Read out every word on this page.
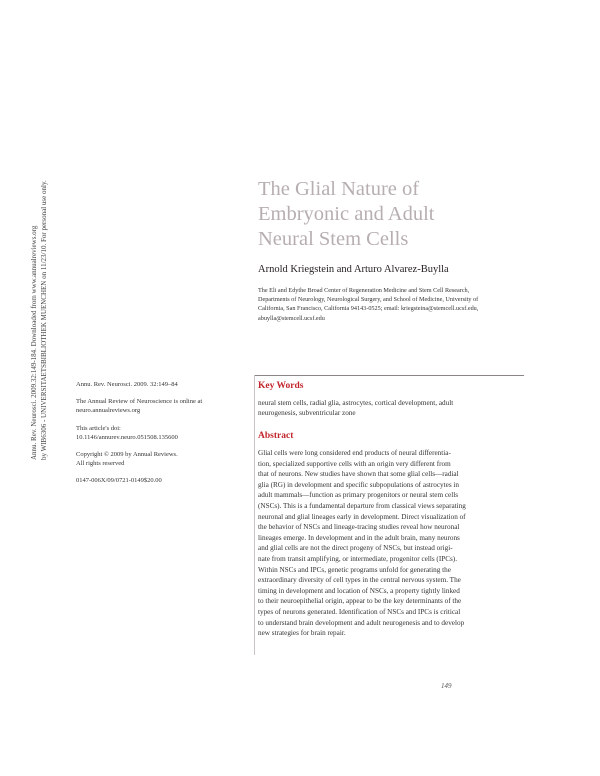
Annu. Rev. Neurosci. 2009.32:149-184. Downloaded from www.annualreviews.org by WIB6306 - UNIVERSITAETSBIBLIOTHEK MUENCHEN on 11/23/10. For personal use only.	The Glial Nature of
Embryonic and Adult
Neural Stem Cells
Arnold Kriegstein and Arturo Alvarez-Buylla
The Eli and Edythe Broad Center of Regeneration Medicine and Stem Cell Research,
Departments of Neurology, Neurological Surgery, and School of Medicine, University of
California, San Francisco, California 94143-0525; email: kriegsteina@stemcell.ucsf.edu,
abuylla@stemcell.ucsf.edu
Annu. Rev. Neurosci. 2009. 32:149–84
The Annual Review of Neuroscience is online at
neuro.annualreviews.org
This article's doi:
10.1146/annurev.neuro.051508.135600
Copyright © 2009 by Annual Reviews.
All rights reserved
0147-006X/09/0721-0149$20.00
Key Words
neural stem cells, radial glia, astrocytes, cortical development, adult
neurogenesis, subventricular zone
Abstract
Glial cells were long considered end products of neural differentia-
tion, specialized supportive cells with an origin very different from
that of neurons. New studies have shown that some glial cells—radial
glia (RG) in development and specific subpopulations of astrocytes in
adult mammals—function as primary progenitors or neural stem cells
(NSCs). This is a fundamental departure from classical views separating
neuronal and glial lineages early in development. Direct visualization of
the behavior of NSCs and lineage-tracing studies reveal how neuronal
lineages emerge. In development and in the adult brain, many neurons
and glial cells are not the direct progeny of NSCs, but instead origi-
nate from transit amplifying, or intermediate, progenitor cells (IPCs).
Within NSCs and IPCs, genetic programs unfold for generating the
extraordinary diversity of cell types in the central nervous system. The
timing in development and location of NSCs, a property tightly linked
to their neuroepithelial origin, appear to be the key determinants of the
types of neurons generated. Identification of NSCs and IPCs is critical
to understand brain development and adult neurogenesis and to develop
new strategies for brain repair.
149
